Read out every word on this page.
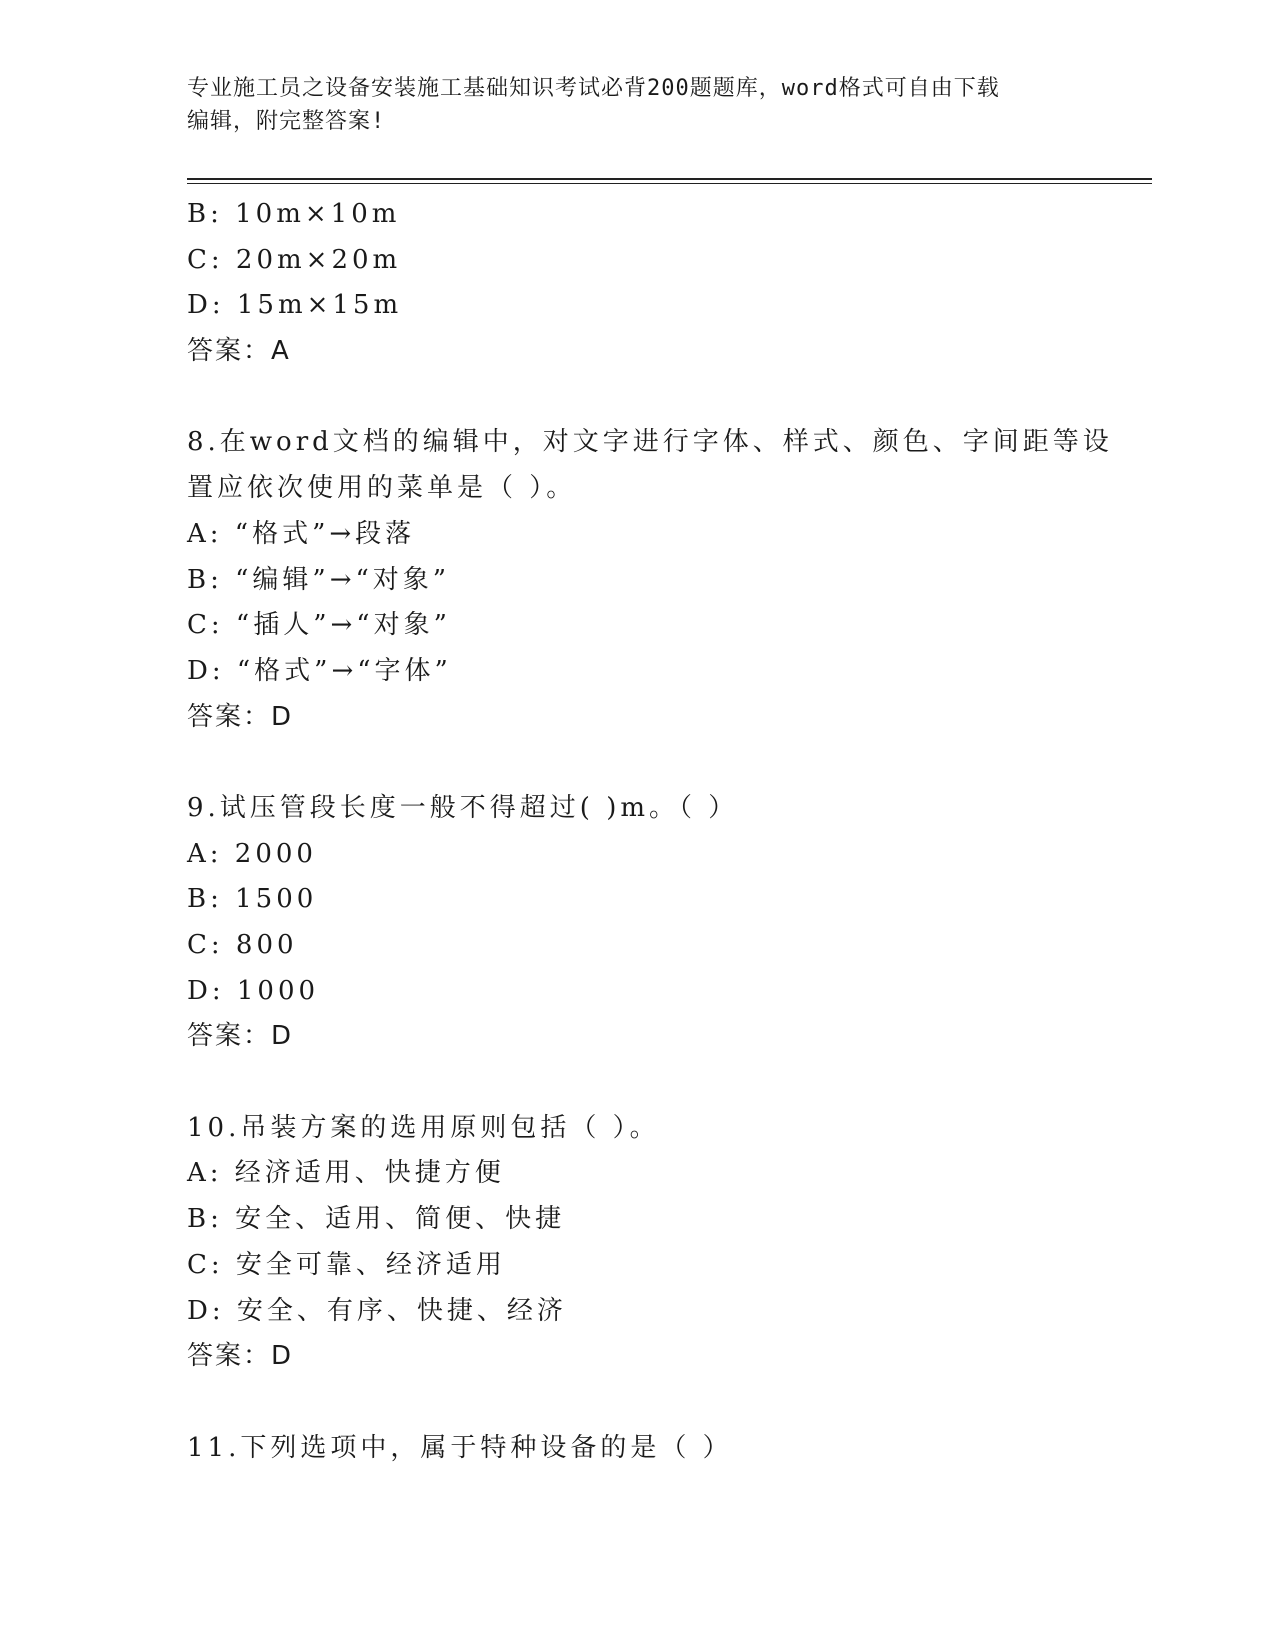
专业施工员之设备安装施工基础知识考试必背200题题库，word格式可自由下载
编辑，附完整答案!
B: 10m×10m
C: 20m×20m
D: 15m×15m
答案：A
8.在word文档的编辑中，对文字进行字体、样式、颜色、字间距等设
置应依次使用的菜单是（ ）。
A: “格式”→段落
B: “编辑”→“对象”
C: “插人”→“对象”
D: “格式”→“字体”
答案：D
9.试压管段长度一般不得超过( )m。（ ）
A: 2000
B: 1500
C: 800
D: 1000
答案：D
10.吊装方案的选用原则包括（ ）。
A: 经济适用、快捷方便
B: 安全、适用、简便、快捷
C: 安全可靠、经济适用
D: 安全、有序、快捷、经济
答案：D
11.下列选项中，属于特种设备的是（ ）
